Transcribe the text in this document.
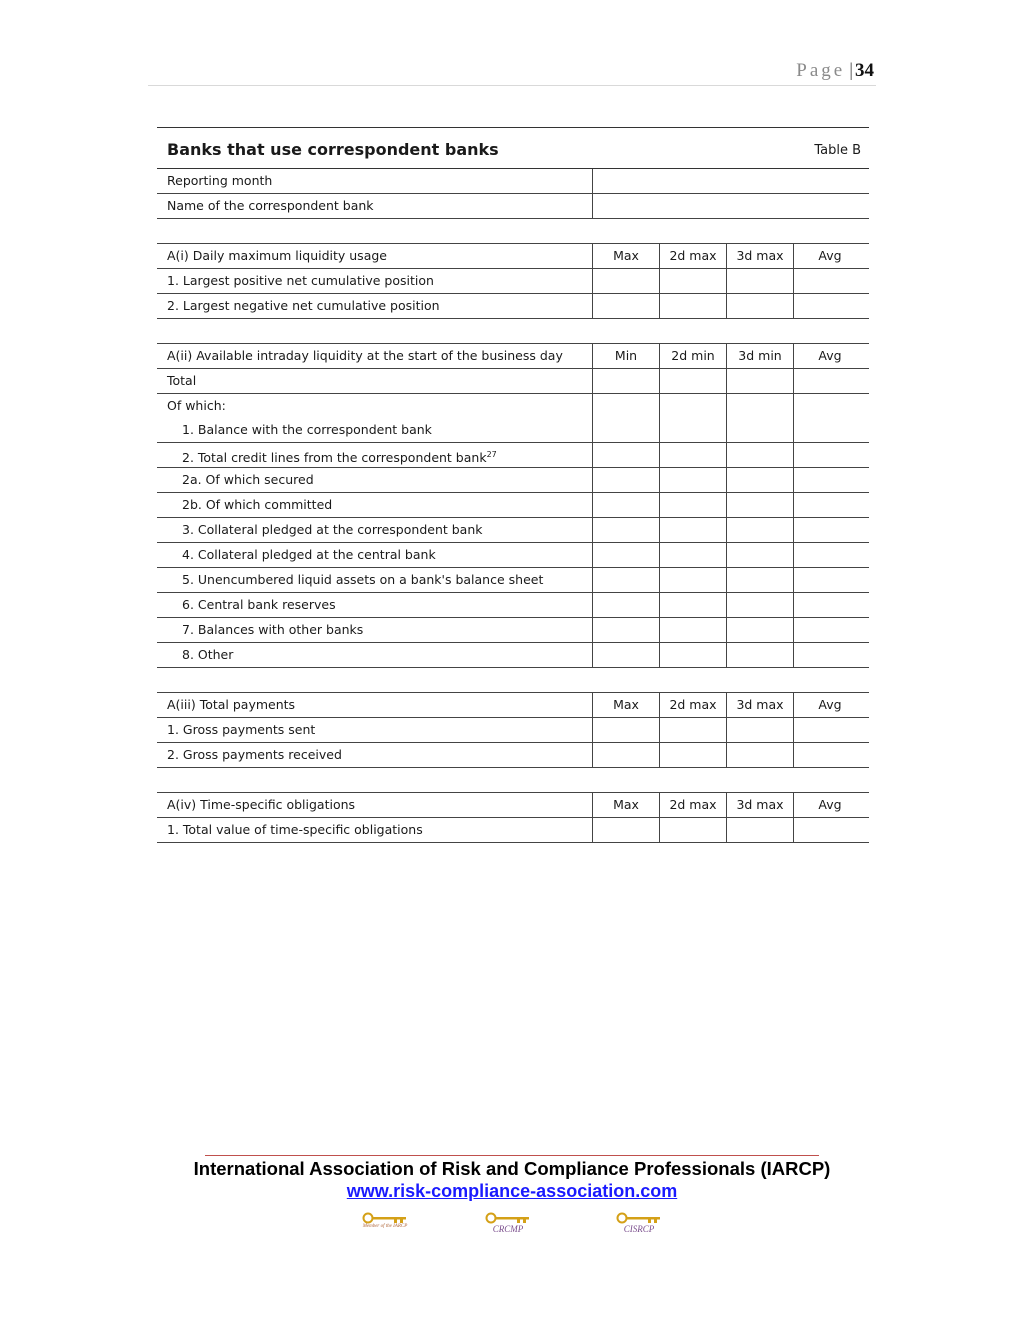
Page | 34
Banks that use correspondent banks	Table B
Reporting month
Name of the correspondent bank
A(i) Daily maximum liquidity usage	Max	2d max	3d max	Avg
1. Largest positive net cumulative position
2. Largest negative net cumulative position
A(ii) Available intraday liquidity at the start of the business day	Min	2d min	3d min	Avg
Total
Of which:
1. Balance with the correspondent bank
2. Total credit lines from the correspondent bank$^{27}$
2a. Of which secured
2b. Of which committed
3. Collateral pledged at the correspondent bank
4. Collateral pledged at the central bank
5. Unencumbered liquid assets on a bank's balance sheet
6. Central bank reserves
7. Balances with other banks
8. Other
A(iii) Total payments	Max	2d max	3d max	Avg
1. Gross payments sent
2. Gross payments received
A(iv) Time-specific obligations	Max	2d max	3d max	Avg
1. Total value of time-specific obligations
International Association of Risk and Compliance Professionals (IARCP)
www.risk-compliance-association.com
Member of the IARCP	CRCMP	CISRCP
